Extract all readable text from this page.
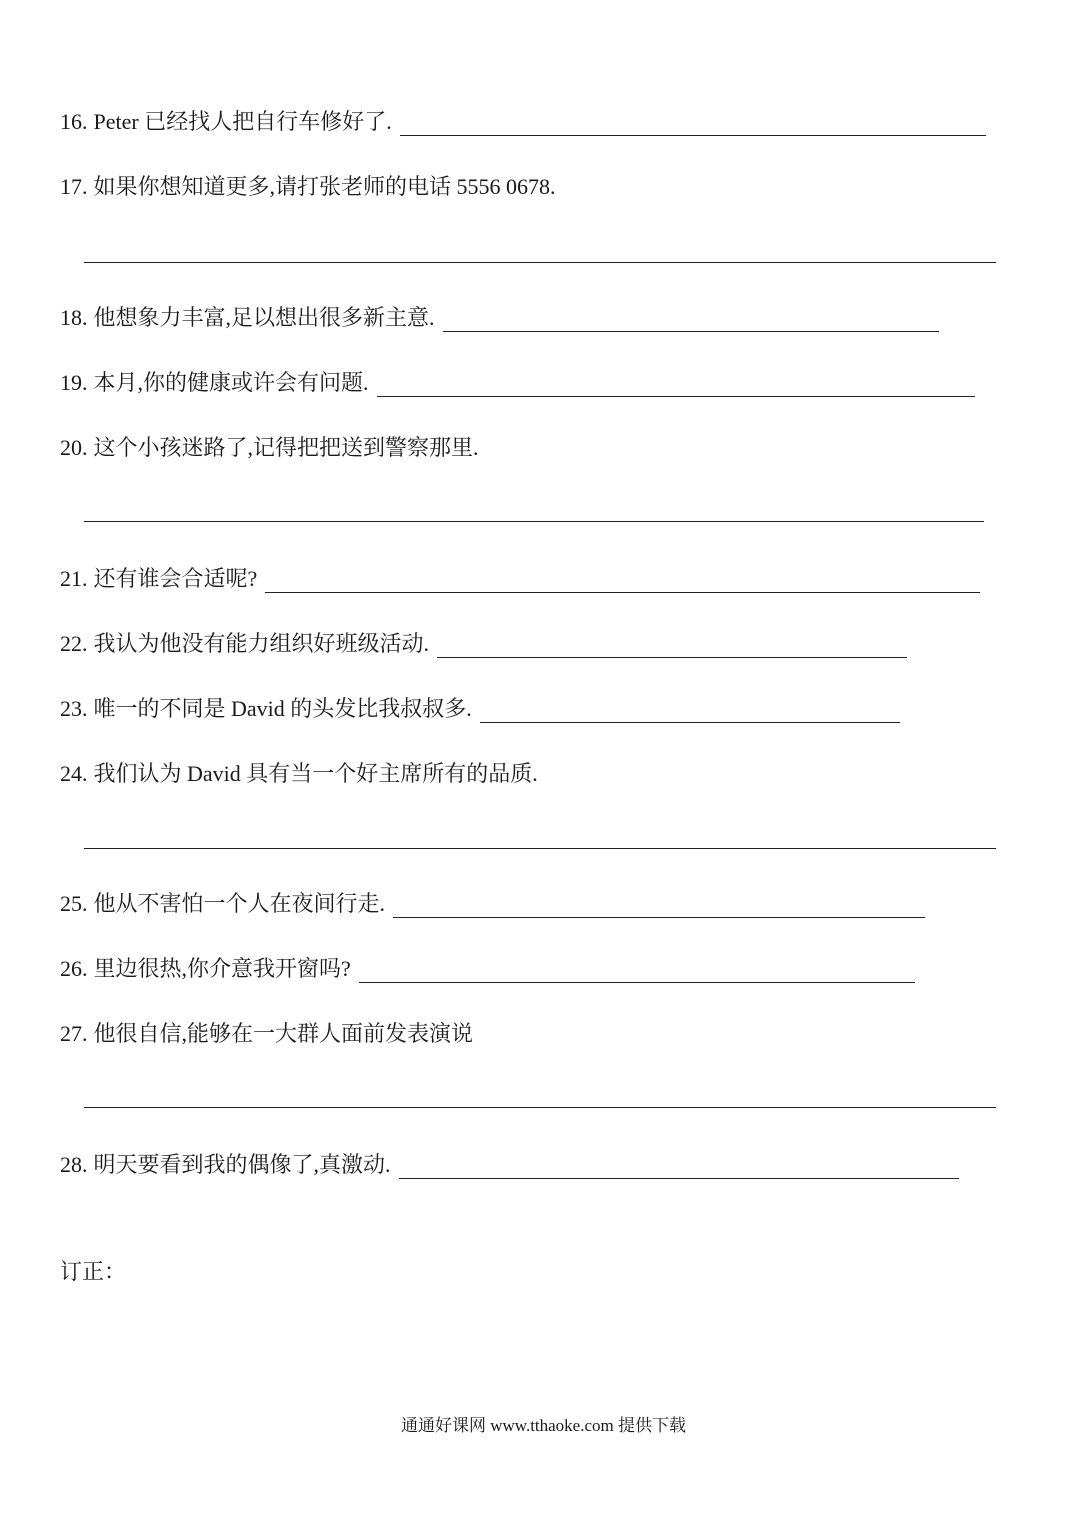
16. Peter 已经找人把自行车修好了.
17. 如果你想知道更多,请打张老师的电话 5556 0678.
18. 他想象力丰富,足以想出很多新主意.
19. 本月,你的健康或许会有问题.
20. 这个小孩迷路了,记得把把送到警察那里.
21. 还有谁会合适呢?
22. 我认为他没有能力组织好班级活动.
23. 唯一的不同是 David 的头发比我叔叔多.
24. 我们认为 David 具有当一个好主席所有的品质.
25. 他从不害怕一个人在夜间行走.
26. 里边很热,你介意我开窗吗?
27. 他很自信,能够在一大群人面前发表演说
28. 明天要看到我的偶像了,真激动.
订正：
通通好课网 www.tthaoke.com 提供下载
